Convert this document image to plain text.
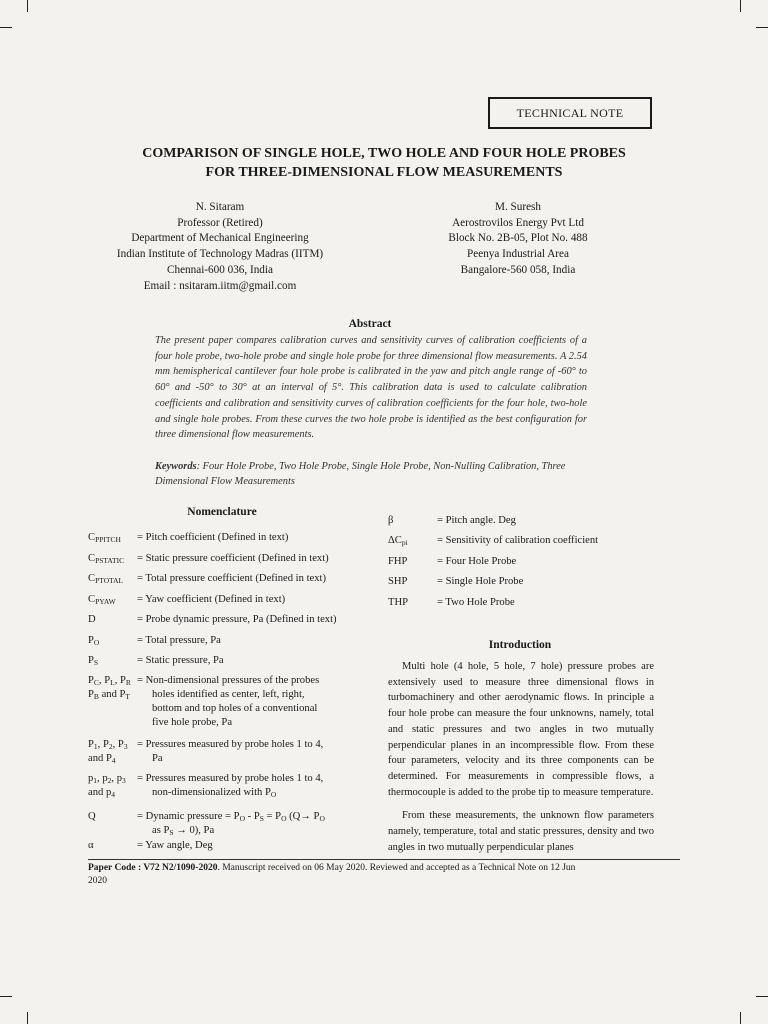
TECHNICAL NOTE
COMPARISON OF SINGLE HOLE, TWO HOLE AND FOUR HOLE PROBES
FOR THREE-DIMENSIONAL FLOW MEASUREMENTS
N. Sitaram
Professor (Retired)
Department of Mechanical Engineering
Indian Institute of Technology Madras (IITM)
Chennai-600 036, India
Email : nsitaram.iitm@gmail.com
M. Suresh
Aerostrovilos Energy Pvt Ltd
Block No. 2B-05, Plot No. 488
Peenya Industrial Area
Bangalore-560 058, India
Abstract
The present paper compares calibration curves and sensitivity curves of calibration coefficients of a four hole probe, two-hole probe and single hole probe for three dimensional flow measurements. A 2.54 mm hemispherical cantilever four hole probe is calibrated in the yaw and pitch angle range of -60° to 60° and -50° to 30° at an interval of 5°. This calibration data is used to calculate calibration coefficients and calibration and sensitivity curves of calibration coefficients for the four hole, two-hole and single hole probes. From these curves the two hole probe is identified as the best configuration for three dimensional flow measurements.
Keywords: Four Hole Probe, Two Hole Probe, Single Hole Probe, Non-Nulling Calibration, Three Dimensional Flow Measurements
Nomenclature
$C_{PPITCH}$ = Pitch coefficient (Defined in text)
$C_{PSTATIC}$ = Static pressure coefficient (Defined in text)
$C_{PTOTAL}$ = Total pressure coefficient (Defined in text)
$C_{PYAW}$ = Yaw coefficient (Defined in text)
D	= Probe dynamic pressure, Pa (Defined in text)
$P_O$	= Total pressure, Pa
$P_S$	= Static pressure, Pa
$P_C$, $P_L$, $P_R$
$P_B$ and $P_T$
= Non-dimensional pressures of the probes
holes identified as center, left, right,
bottom and top holes of a conventional
five hole probe, Pa
$P_1$, $P_2$, $P_3$
and $P_4$
= Pressures measured by probe holes 1 to 4,
Pa
$p_1$, $p_2$, $p_3$
and $p_4$
= Pressures measured by probe holes 1 to 4,
non-dimensionalized with $P_O$
Q	= Dynamic pressure = $P_O - P_S = P_O$ ($Q\to P_O$
as $P_S \to 0$), Pa
α	= Yaw angle, Deg
β	= Pitch angle. Deg
$\Delta C_{pi}$	= Sensitivity of calibration coefficient
FHP	= Four Hole Probe
SHP	= Single Hole Probe
THP	= Two Hole Probe
Introduction

Multi hole (4 hole, 5 hole, 7 hole) pressure probes are extensively used to measure three dimensional flows in turbomachinery and other aerodynamic flows. In principle a four hole probe can measure the four unknowns, namely, total and static pressures and two angles in two mutually perpendicular planes in an incompressible flow. From these four parameters, velocity and its three components can be determined. For measurements in compressible flows, a thermocouple is added to the probe tip to measure temperature.

From these measurements, the unknown flow parameters namely, temperature, total and static pressures, density and two angles in two mutually perpendicular planes

Paper Code : V72 N2/1090-2020. Manuscript received on 06 May 2020. Reviewed and accepted as a Technical Note on 12 Jun 2020
